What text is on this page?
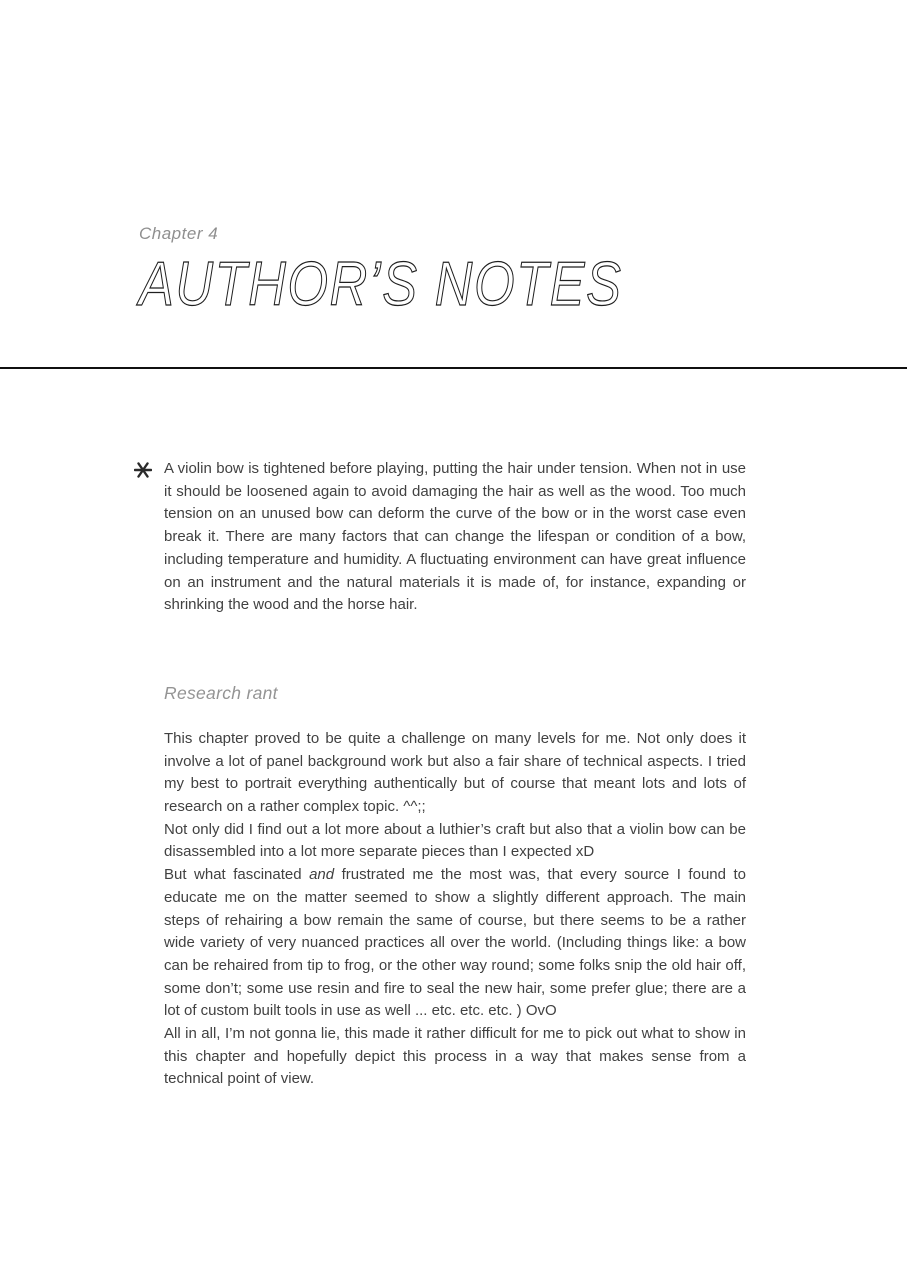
Chapter 4
AUTHOR’S NOTES

A violin bow is tightened before playing, putting the hair under tension. When not in use it should be loosened again to avoid damaging the hair as well as the wood. Too much tension on an unused bow can deform the curve of the bow or in the worst case even break it. There are many factors that can change the lifespan or condition of a bow, including temperature and humidity. A fluctuating environment can have great influence on an instrument and the natural materials it is made of, for instance, expanding or shrinking the wood and the horse hair.

Research rant

This chapter proved to be quite a challenge on many levels for me. Not only does it involve a lot of panel background work but also a fair share of technical aspects. I tried my best to portrait everything authentically but of course that meant lots and lots of research on a rather complex topic. ^^;;

Not only did I find out a lot more about a luthier’s craft but also that a violin bow can be disassembled into a lot more separate pieces than I expected xD

But what fascinated and frustrated me the most was, that every source I found to educate me on the matter seemed to show a slightly different approach. The main steps of rehairing a bow remain the same of course, but there seems to be a rather wide variety of very nuanced practices all over the world. (Including things like: a bow can be rehaired from tip to frog, or the other way round; some folks snip the old hair off, some don’t; some use resin and fire to seal the new hair, some prefer glue; there are a lot of custom built tools in use as well ... etc. etc. etc. ) OvO

All in all, I’m not gonna lie, this made it rather difficult for me to pick out what to show in this chapter and hopefully depict this process in a way that makes sense from a technical point of view.
